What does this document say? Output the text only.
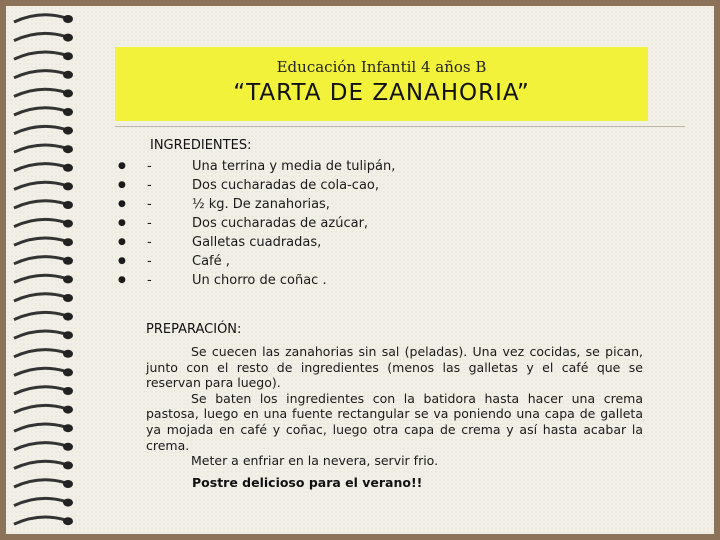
Educación Infantil 4 años B
“TARTA DE ZANAHORIA”
INGREDIENTES:
● -	Una terrina y media de tulipán,
● -	Dos cucharadas de cola-cao,
● -	½ kg. De zanahorias,
● -	Dos cucharadas de azúcar,
● -	Galletas cuadradas,
● -	Café ,
● -	Un chorro de coñac .
PREPARACIÓN:

Se cuecen las zanahorias sin sal (peladas). Una vez cocidas, se pican, junto con el resto de ingredientes (menos las galletas y el café que se reservan para luego).

Se baten los ingredientes con la batidora hasta hacer una crema pastosa, luego en una fuente rectangular se va poniendo una capa de galleta ya mojada en café y coñac, luego otra capa de crema y así hasta acabar la crema.

Meter a enfriar en la nevera, servir frio.

Postre delicioso para el verano!!
